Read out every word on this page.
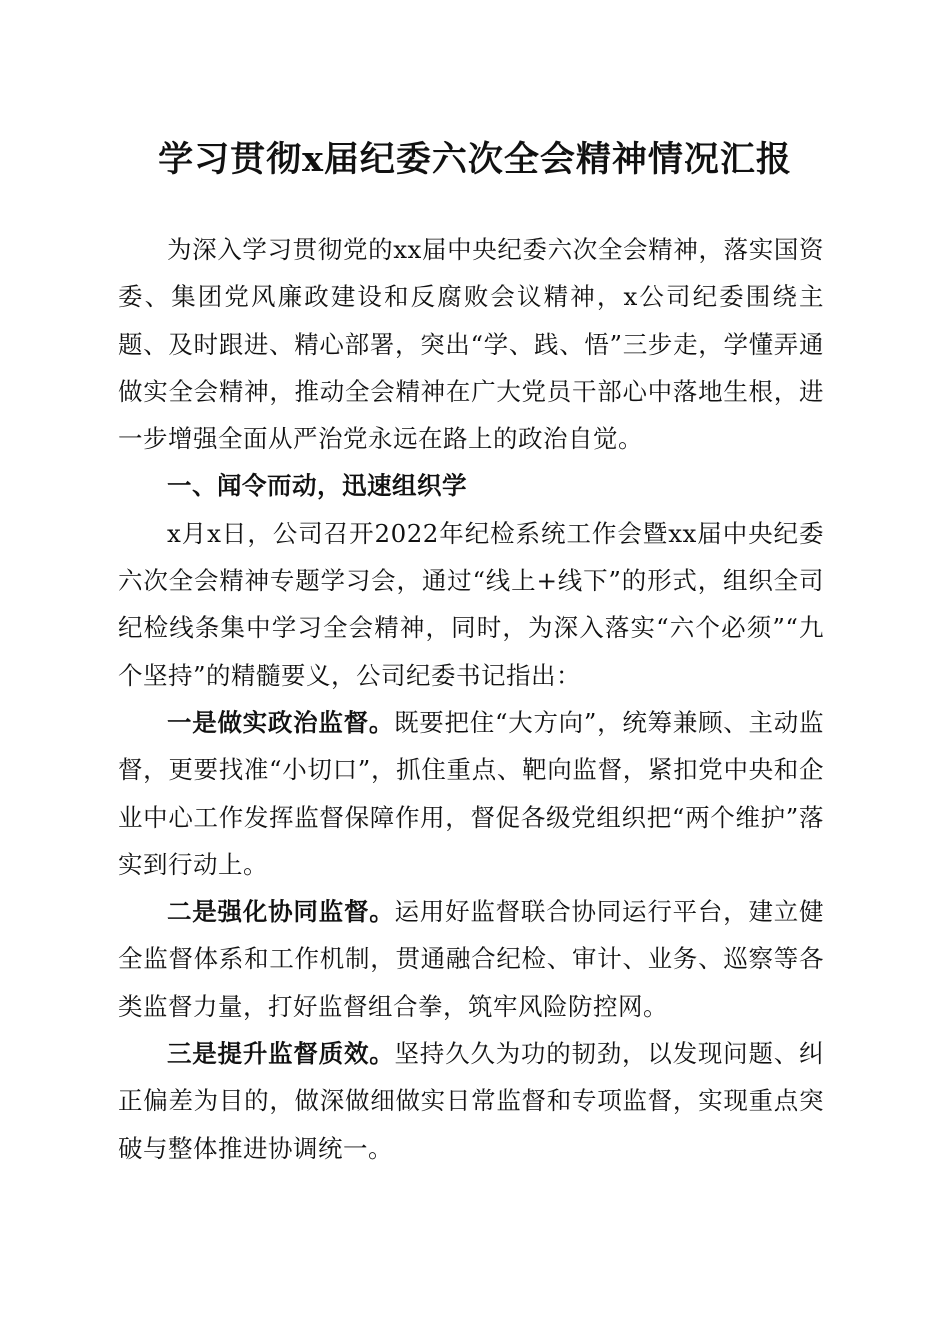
学习贯彻x届纪委六次全会精神情况汇报

为深入学习贯彻党的xx届中央纪委六次全会精神，落实国资委、集团党风廉政建设和反腐败会议精神，x公司纪委围绕主题、及时跟进、精心部署，突出“学、践、悟”三步走，学懂弄通做实全会精神，推动全会精神在广大党员干部心中落地生根，进一步增强全面从严治党永远在路上的政治自觉。

一、闻令而动，迅速组织学

x月x日，公司召开2022年纪检系统工作会暨xx届中央纪委六次全会精神专题学习会，通过“线上+线下”的形式，组织全司纪检线条集中学习全会精神，同时，为深入落实“六个必须”“九个坚持”的精髓要义，公司纪委书记指出：

一是做实政治监督。既要把住“大方向”，统筹兼顾、主动监督，更要找准“小切口”，抓住重点、靶向监督，紧扣党中央和企业中心工作发挥监督保障作用，督促各级党组织把“两个维护”落实到行动上。

二是强化协同监督。运用好监督联合协同运行平台，建立健全监督体系和工作机制，贯通融合纪检、审计、业务、巡察等各类监督力量，打好监督组合拳，筑牢风险防控网。

三是提升监督质效。坚持久久为功的韧劲，以发现问题、纠正偏差为目的，做深做细做实日常监督和专项监督，实现重点突破与整体推进协调统一。
